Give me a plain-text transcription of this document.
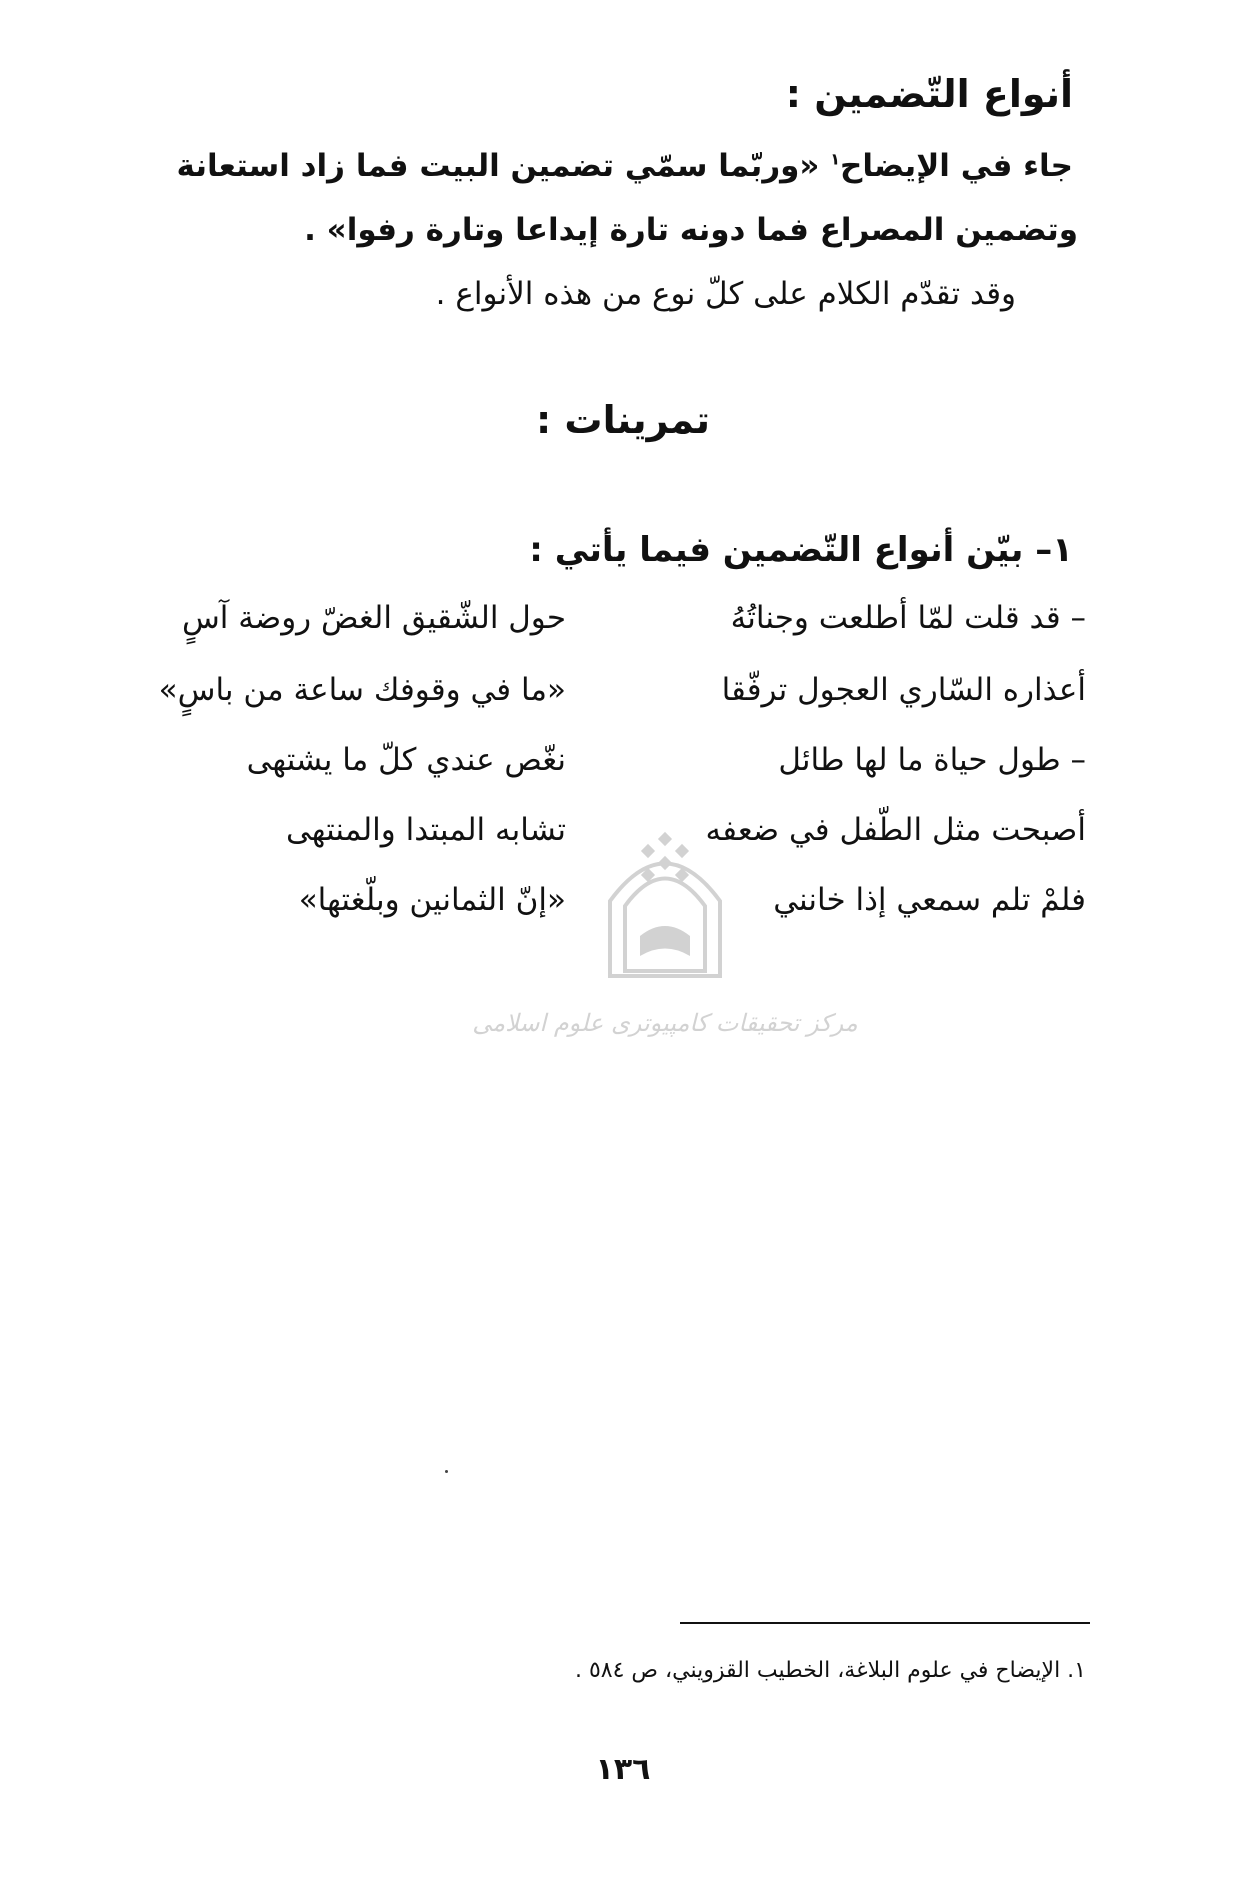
أنواع التّضمين :
جاء في الإيضاح$^١$ «وربّما سمّي تضمين البيت فما زاد استعانة
وتضمين المصراع فما دونه تارة إيداعا وتارة رفوا» .
وقد تقدّم الكلام على كلّ نوع من هذه الأنواع .
تمرينات :
١– بيّن أنواع التّضمين فيما يأتي :
– قد قلت لمّا أطلعت وجناتُهُ
حول الشّقيق الغضّ روضة آسٍ
أعذاره السّاري العجول ترفّقا
«ما في وقوفك ساعة من باسٍ»
– طول حياة ما لها طائل
نغّص عندي كلّ ما يشتهى
أصبحت مثل الطّفل في ضعفه
تشابه المبتدا والمنتهى
فلمْ تلم سمعي إذا خانني
«إنّ الثمانين وبلّغتها»
مرکز تحقیقات کامپیوتری علوم اسلامی
١. الإيضاح في علوم البلاغة، الخطيب القزويني، ص ٥٨٤ .
١٣٦
